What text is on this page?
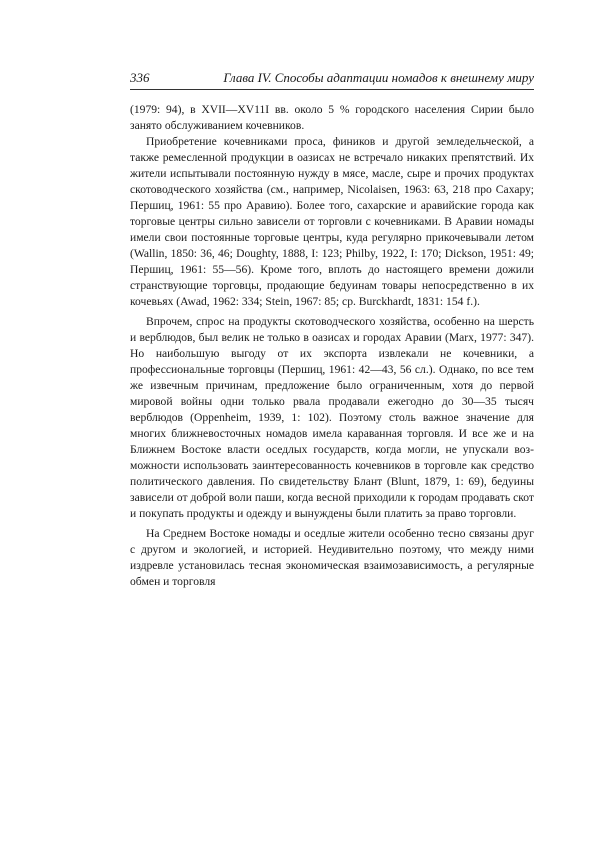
336	Глава IV. Способы адаптации номадов к внешнему миру

(1979: 94), в XVII—XV11I вв. около 5 % городского населения Сирии было занято обслуживанием кочевников.

Приобретение кочевниками проса, фиников и другой земледельческой, а также ремесленной продукции в оазисах не встречало никаких препятствий. Их жители испытывали постоянную нужду в мясе, масле, сыре и прочих продуктах скотоводческого хозяйства (см., например, Nicolaisen, 1963: 63, 218 про Сахару; Першиц, 1961: 55 про Аравию). Более того, сахарские и аравийские города как торговые центры сильно зависели от торговли с кочевниками. В Аравии номады имели свои постоянные торговые центры, куда регулярно прикочевывали летом (Wallin, 1850: 36, 46; Doughty, 1888, I: 123; Philby, 1922, I: 170; Dickson, 1951: 49; Першиц, 1961: 55—56). Кроме того, вплоть до настоящего времени дожили странствующие торговцы, продающие бедуинам товары непосредственно в их кочевьях (Awad, 1962: 334; Stein, 1967: 85; ср. Burckhardt, 1831: 154 f.).

Впрочем, спрос на продукты скотоводческого хозяйства, особенно на шерсть и верблюдов, был велик не только в оазисах и городах Аравии (Marx, 1977: 347). Но наибольшую выгоду от их экспорта извлекали не кочевники, а профессиональные торговцы (Першиц, 1961: 42—43, 56 сл.). Однако, по все тем же извечным причинам, предложение было ограниченным, хотя до первой мировой войны одни только рвала продавали ежегодно до 30—35 тысяч верблюдов (Oppenheim, 1939, 1: 102). Поэтому столь важное значение для многих ближневосточных номадов имела караванная торговля. И все же и на Ближнем Востоке власти оседлых государств, когда могли, не упускали возможности использовать заинтересованность кочевников в торговле как средство политического давления. По свидетельству Блант (Blunt, 1879, 1: 69), бедуины зависели от доброй воли паши, когда весной приходили к городам продавать скот и покупать продукты и одежду и вынуждены были платить за право торговли.

На Среднем Востоке номады и оседлые жители особенно тесно связаны друг с другом и экологией, и историей. Неудивительно поэтому, что между ними издревле установилась тесная экономическая взаимозависимость, а регулярные обмен и торговля
